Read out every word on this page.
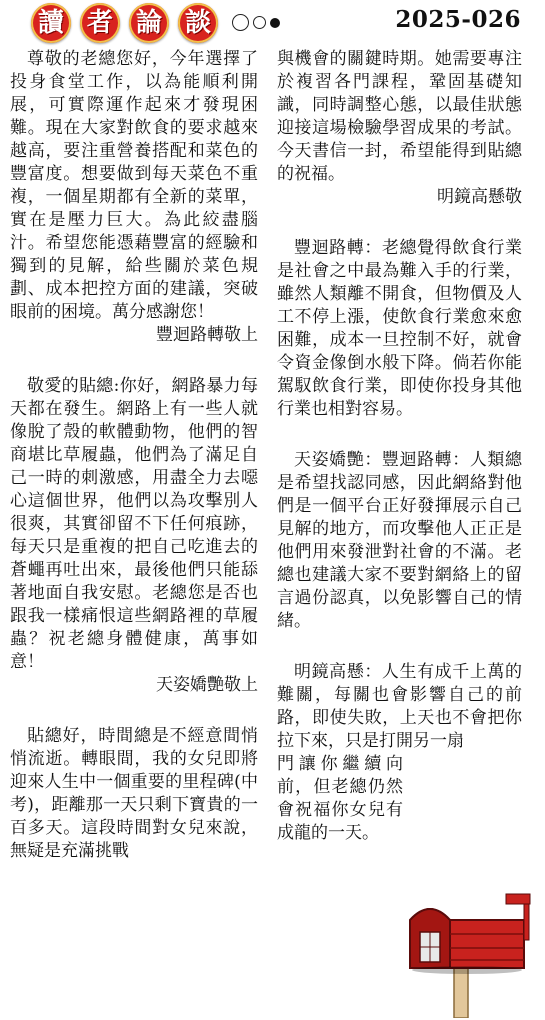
讀 者 論 談	2025-026

尊敬的老總您好，今年選擇了投身食堂工作，以為能順利開展，可實際運作起來才發現困難。現在大家對飲食的要求越來越高，要注重營養搭配和菜色的豐富度。想要做到每天菜色不重複，一個星期都有全新的菜單，實在是壓力巨大。為此絞盡腦汁。希望您能憑藉豐富的經驗和獨到的見解，給些關於菜色規劃、成本把控方面的建議，突破眼前的困境。萬分感謝您！

豐迴路轉敬上

敬愛的貼總:你好，網路暴力每天都在發生。網路上有一些人就像脫了殼的軟體動物，他們的智商堪比草履蟲，他們為了滿足自己一時的刺激感，用盡全力去噁心這個世界，他們以為攻擊別人很爽，其實卻留不下任何痕跡，每天只是重複的把自己吃進去的蒼蠅再吐出來，最後他們只能舔著地面自我安慰。老總您是否也跟我一樣痛恨這些網路裡的草履蟲？祝老總身體健康，萬事如意！

天姿嬌艷敬上

貼總好，時間總是不經意間悄悄流逝。轉眼間，我的女兒即將迎來人生中一個重要的里程碑(中考)，距離那一天只剩下寶貴的一百多天。這段時間對女兒來說，無疑是充滿挑戰

與機會的關鍵時期。她需要專注於複習各門課程，鞏固基礎知識，同時調整心態，以最佳狀態迎接這場檢驗學習成果的考試。今天書信一封，希望能得到貼總的祝福。

明鏡高懸敬

豐迴路轉：老總覺得飲食行業是社會之中最為難入手的行業，雖然人類離不開食，但物價及人工不停上漲，使飲食行業愈來愈困難，成本一旦控制不好，就會令資金像倒水般下降。倘若你能駕馭飲食行業，即使你投身其他行業也相對容易。

天姿嬌艷：豐迴路轉：人類總是希望找認同感，因此網絡對他們是一個平台正好發揮展示自己見解的地方，而攻擊他人正正是他們用來發泄對社會的不滿。老總也建議大家不要對網絡上的留言過份認真，以免影響自己的情緒。

明鏡高懸：人生有成千上萬的難關，每關也會影響自己的前路，即使失敗，上天也不會把你拉下來，只是打開另一扇

門讓你繼續向前，但老總仍然會祝福你女兒有成龍的一天。
